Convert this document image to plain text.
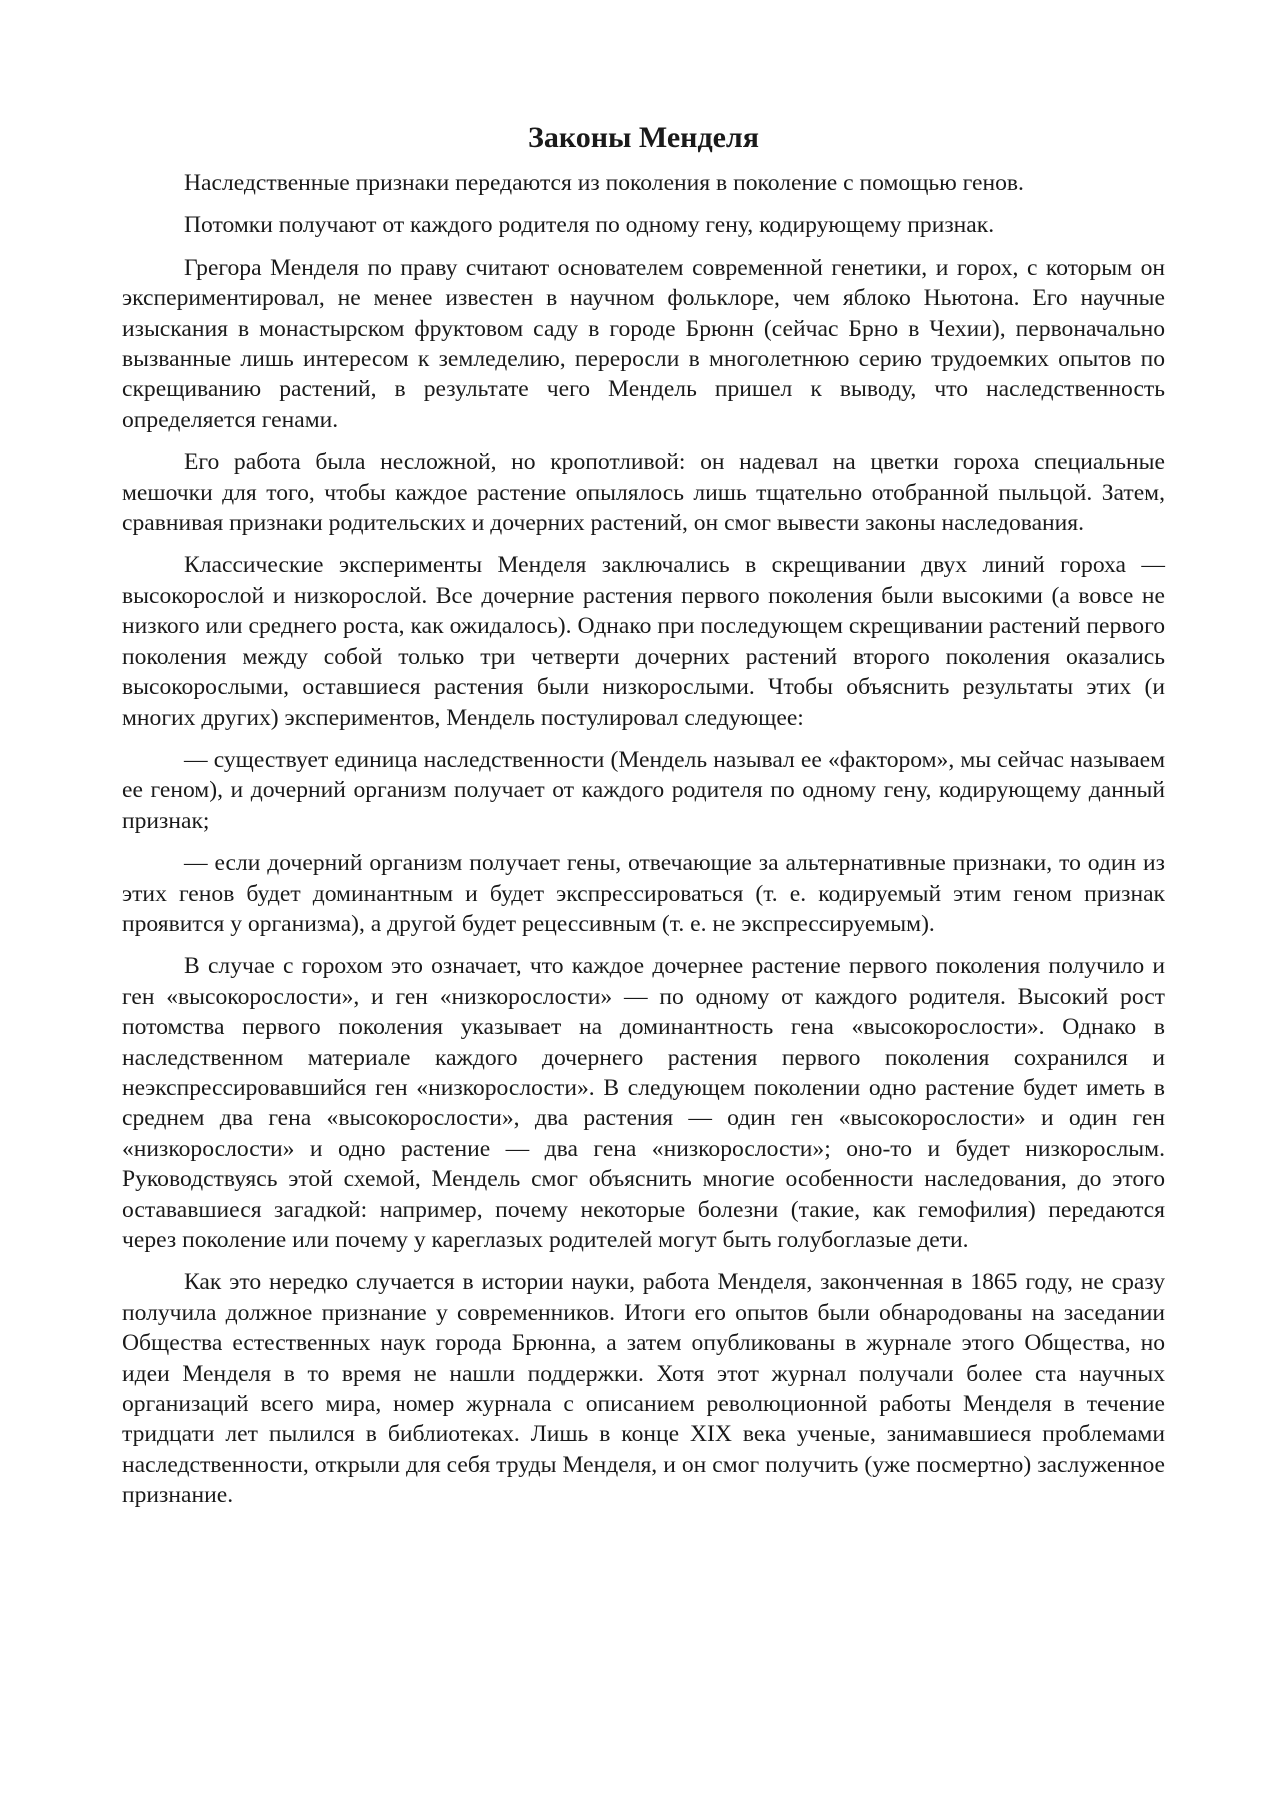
Законы Менделя

Наследственные признаки передаются из поколения в поколение с помощью генов.

Потомки получают от каждого родителя по одному гену, кодирующему признак.

Грегора Менделя по праву считают основателем современной генетики, и горох, с которым он экспериментировал, не менее известен в научном фольклоре, чем яблоко Ньютона. Его научные изыскания в монастырском фруктовом саду в городе Брюнн (сейчас Брно в Чехии), первоначально вызванные лишь интересом к земледелию, переросли в многолетнюю серию трудоемких опытов по скрещиванию растений, в результате чего Мендель пришел к выводу, что наследственность определяется генами.

Его работа была несложной, но кропотливой: он надевал на цветки гороха специальные мешочки для того, чтобы каждое растение опылялось лишь тщательно отобранной пыльцой. Затем, сравнивая признаки родительских и дочерних растений, он смог вывести законы наследования.

Классические эксперименты Менделя заключались в скрещивании двух линий гороха — высокорослой и низкорослой. Все дочерние растения первого поколения были высокими (а вовсе не низкого или среднего роста, как ожидалось). Однако при последующем скрещивании растений первого поколения между собой только три четверти дочерних растений второго поколения оказались высокорослыми, оставшиеся растения были низкорослыми. Чтобы объяснить результаты этих (и многих других) экспериментов, Мендель постулировал следующее:

— существует единица наследственности (Мендель называл ее «фактором», мы сейчас называем ее геном), и дочерний организм получает от каждого родителя по одному гену, кодирующему данный признак;

— если дочерний организм получает гены, отвечающие за альтернативные признаки, то один из этих генов будет доминантным и будет экспрессироваться (т. е. кодируемый этим геном признак проявится у организма), а другой будет рецессивным (т. е. не экспрессируемым).

В случае с горохом это означает, что каждое дочернее растение первого поколения получило и ген «высокорослости», и ген «низкорослости» — по одному от каждого родителя. Высокий рост потомства первого поколения указывает на доминантность гена «высокорослости». Однако в наследственном материале каждого дочернего растения первого поколения сохранился и неэкспрессировавшийся ген «низкорослости». В следующем поколении одно растение будет иметь в среднем два гена «высокорослости», два растения — один ген «высокорослости» и один ген «низкорослости» и одно растение — два гена «низкорослости»; оно-то и будет низкорослым. Руководствуясь этой схемой, Мендель смог объяснить многие особенности наследования, до этого остававшиеся загадкой: например, почему некоторые болезни (такие, как гемофилия) передаются через поколение или почему у кареглазых родителей могут быть голубоглазые дети.

Как это нередко случается в истории науки, работа Менделя, законченная в 1865 году, не сразу получила должное признание у современников. Итоги его опытов были обнародованы на заседании Общества естественных наук города Брюнна, а затем опубликованы в журнале этого Общества, но идеи Менделя в то время не нашли поддержки. Хотя этот журнал получали более ста научных организаций всего мира, номер журнала с описанием революционной работы Менделя в течение тридцати лет пылился в библиотеках. Лишь в конце XIX века ученые, занимавшиеся проблемами наследственности, открыли для себя труды Менделя, и он смог получить (уже посмертно) заслуженное признание.
